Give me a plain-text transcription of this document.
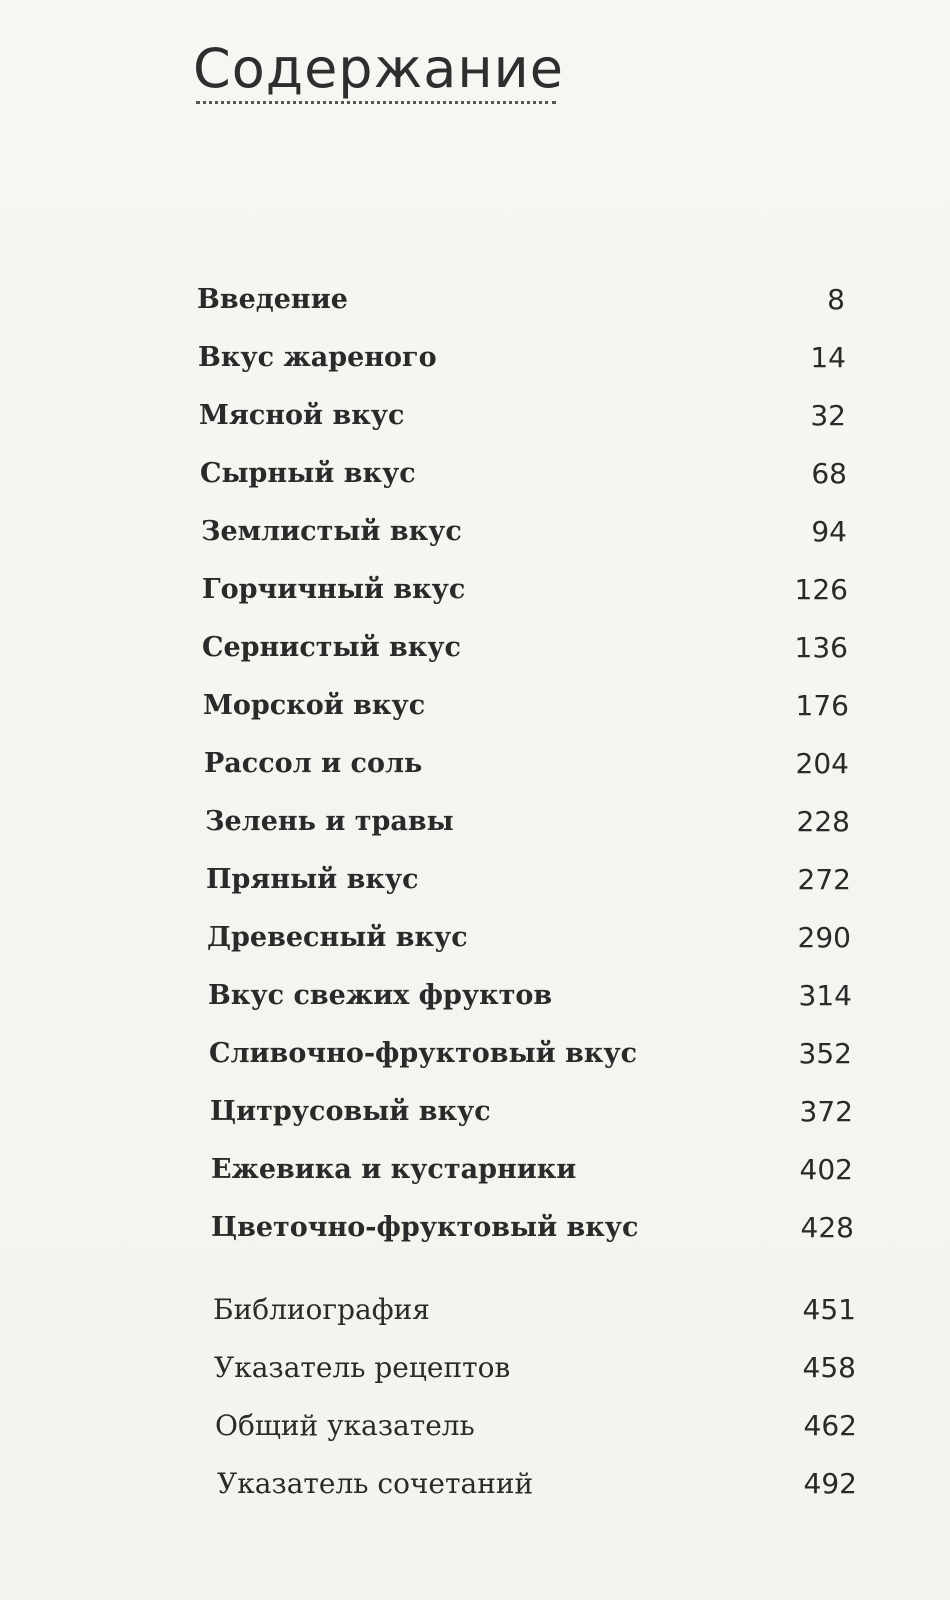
Содержание
Введение	8
Вкус жареного	14
Мясной вкус	32
Сырный вкус	68
Землистый вкус	94
Горчичный вкус	126
Сернистый вкус	136
Морской вкус	176
Рассол и соль	204
Зелень и травы	228
Пряный вкус	272
Древесный вкус	290
Вкус свежих фруктов	314
Сливочно-фруктовый вкус	352
Цитрусовый вкус	372
Ежевика и кустарники	402
Цветочно-фруктовый вкус	428
Библиография	451
Указатель рецептов	458
Общий указатель	462
Указатель сочетаний	492
